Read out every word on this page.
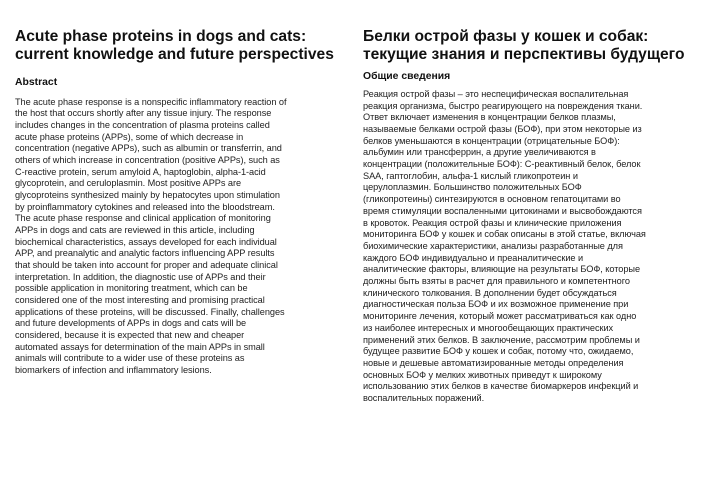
Acute phase proteins in dogs and cats: current knowledge and future perspectives
Abstract

The acute phase response is a nonspecific inflammatory reaction of
the host that occurs shortly after any tissue injury. The response
includes changes in the concentration of plasma proteins called
acute phase proteins (APPs), some of which decrease in
concentration (negative APPs), such as albumin or transferrin, and
others of which increase in concentration (positive APPs), such as
C-reactive protein, serum amyloid A, haptoglobin, alpha-1-acid
glycoprotein, and ceruloplasmin. Most positive APPs are
glycoproteins synthesized mainly by hepatocytes upon stimulation
by proinflammatory cytokines and released into the bloodstream.
The acute phase response and clinical application of monitoring
APPs in dogs and cats are reviewed in this article, including
biochemical characteristics, assays developed for each individual
APP, and preanalytic and analytic factors influencing APP results
that should be taken into account for proper and adequate clinical
interpretation. In addition, the diagnostic use of APPs and their
possible application in monitoring treatment, which can be
considered one of the most interesting and promising practical
applications of these proteins, will be discussed. Finally, challenges
and future developments of APPs in dogs and cats will be
considered, because it is expected that new and cheaper
automated assays for determination of the main APPs in small
animals will contribute to a wider use of these proteins as
biomarkers of infection and inflammatory lesions.

Белки острой фазы у кошек и собак: текущие знания и перспективы будущего
Общие сведения

Реакция острой фазы – это неспецифическая воспалительная
реакция организма, быстро реагирующего на повреждения ткани.
Ответ включает изменения в концентрации белков плазмы,
называемые белками острой фазы (БОФ), при этом некоторые из
белков уменьшаются в концентрации (отрицательные БОФ):
альбумин или трансферрин, а другие увеличиваются в
концентрации (положительные БОФ): С-реактивный белок, белок
SAA, гаптоглобин, альфа-1 кислый гликопротеин и
церулоплазмин. Большинство положительных БОФ
(гликопротеины) синтезируются в основном гепатоцитами во
время стимуляции воспаленными цитокинами и высвобождаются
в кровоток. Реакция острой фазы и клинические приложения
мониторинга БОФ у кошек и собак описаны в этой статье, включая
биохимические характеристики, анализы разработанные для
каждого БОФ индивидуально и преаналитические и
аналитические факторы, влияющие на результаты БОФ, которые
должны быть взяты в расчет для правильного и компетентного
клинического толкования. В дополнении будет обсуждаться
диагностическая польза БОФ и их возможное применение при
мониторинге лечения, который может рассматриваться как одно
из наиболее интересных и многообещающих практических
применений этих белков. В заключение, рассмотрим проблемы и
будущее развитие БОФ у кошек и собак, потому что, ожидаемо,
новые и дешевые автоматизированные методы определения
основных БОФ у мелких животных приведут к широкому
использованию этих белков в качестве биомаркеров инфекций и
воспалительных поражений.
